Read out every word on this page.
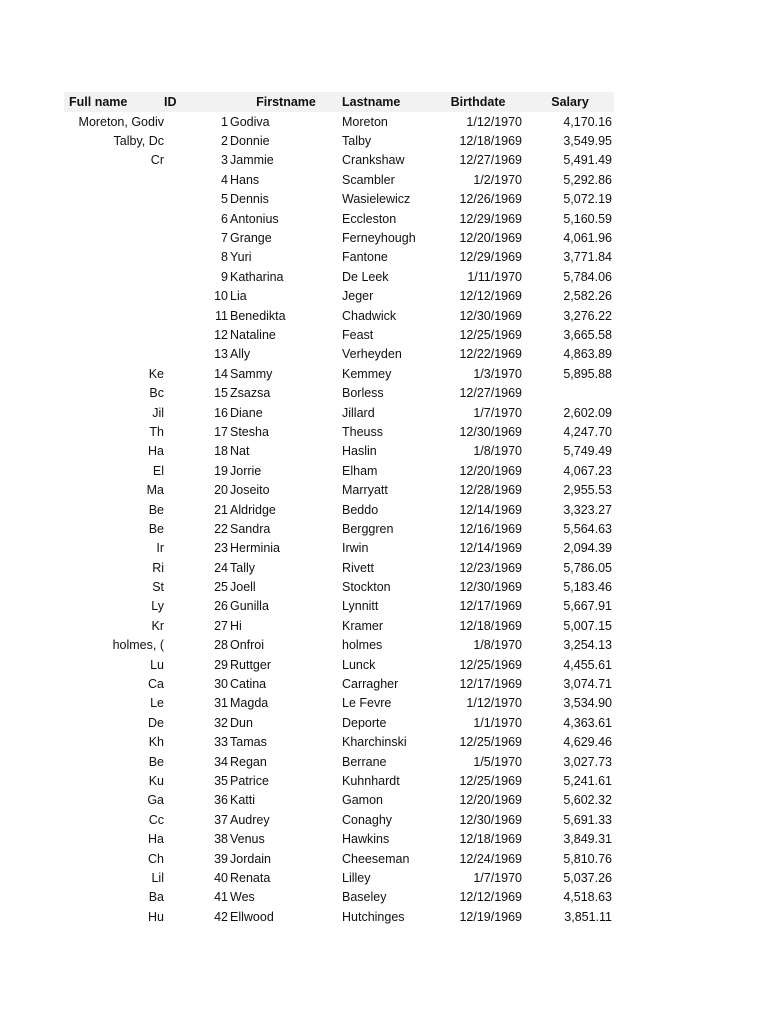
Full name	ID	Firstname	Lastname	Birthdate	Salary
Moreton, Godiv	1	Godiva	Moreton	1/12/1970	4,170.16
Talby, Dc	2	Donnie	Talby	12/18/1969	3,549.95
Cr	3	Jammie	Crankshaw	12/27/1969	5,491.49
	4	Hans	Scambler	1/2/1970	5,292.86
	5	Dennis	Wasielewicz	12/26/1969	5,072.19
	6	Antonius	Eccleston	12/29/1969	5,160.59
	7	Grange	Ferneyhough	12/20/1969	4,061.96
	8	Yuri	Fantone	12/29/1969	3,771.84
	9	Katharina	De Leek	1/11/1970	5,784.06
	10	Lia	Jeger	12/12/1969	2,582.26
	11	Benedikta	Chadwick	12/30/1969	3,276.22
	12	Nataline	Feast	12/25/1969	3,665.58
	13	Ally	Verheyden	12/22/1969	4,863.89
Ke	14	Sammy	Kemmey	1/3/1970	5,895.88
Bc	15	Zsazsa	Borless	12/27/1969	
Jil	16	Diane	Jillard	1/7/1970	2,602.09
Th	17	Stesha	Theuss	12/30/1969	4,247.70
Ha	18	Nat	Haslin	1/8/1970	5,749.49
El	19	Jorrie	Elham	12/20/1969	4,067.23
Ma	20	Joseito	Marryatt	12/28/1969	2,955.53
Be	21	Aldridge	Beddo	12/14/1969	3,323.27
Be	22	Sandra	Berggren	12/16/1969	5,564.63
Ir	23	Herminia	Irwin	12/14/1969	2,094.39
Ri	24	Tally	Rivett	12/23/1969	5,786.05
St	25	Joell	Stockton	12/30/1969	5,183.46
Ly	26	Gunilla	Lynnitt	12/17/1969	5,667.91
Kr	27	Hi	Kramer	12/18/1969	5,007.15
holmes, (	28	Onfroi	holmes	1/8/1970	3,254.13
Lu	29	Ruttger	Lunck	12/25/1969	4,455.61
Ca	30	Catina	Carragher	12/17/1969	3,074.71
Le	31	Magda	Le Fevre	1/12/1970	3,534.90
De	32	Dun	Deporte	1/1/1970	4,363.61
Kh	33	Tamas	Kharchinski	12/25/1969	4,629.46
Be	34	Regan	Berrane	1/5/1970	3,027.73
Ku	35	Patrice	Kuhnhardt	12/25/1969	5,241.61
Ga	36	Katti	Gamon	12/20/1969	5,602.32
Cc	37	Audrey	Conaghy	12/30/1969	5,691.33
Ha	38	Venus	Hawkins	12/18/1969	3,849.31
Ch	39	Jordain	Cheeseman	12/24/1969	5,810.76
Lil	40	Renata	Lilley	1/7/1970	5,037.26
Ba	41	Wes	Baseley	12/12/1969	4,518.63
Hu	42	Ellwood	Hutchinges	12/19/1969	3,851.11
